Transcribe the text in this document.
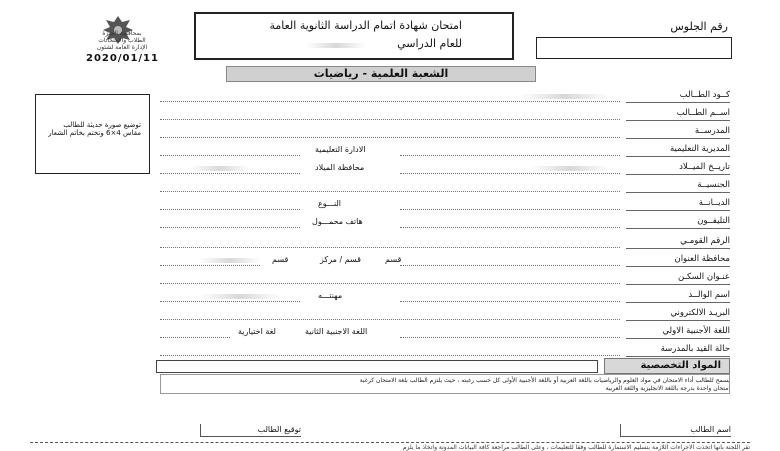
الإدارة العامة لشئون
الطلاب والامتحانات
بمحافظة الجيزة
2020/01/11
امتحان شهادة اتمام الدراسة الثانوية العامة
للعام الدراسي
رقم الجلوس
الشعبة العلمية - رياضيات
توضيع صورة حديثة للطالب مقاس 4×6 وتختم بخاتم الشعار
كــود الطــالب
اســم الطــالب
المدرســة
المديرية التعليمية
تاريــخ الميــلاد
الجنسيــة
الديــانــة
التليفــون
الرقم القومـي
محافظة العنوان
عنـوان السكـن
اسم الوالــد
البريـد الالكتروني
اللغة الأجنبية الاولي
حالة القيد بالمدرسة
الادارة التعليمية
محافظة الميلاد
النـــوع
هاتف محمـــول
قسم / مركز	قسم
قسم
مهنتـــه
اللغة الاجنبية الثانية
لغة اختيارية
المواد التخصصية
يسمح للطالب أداء الامتحان في مواد العلوم والرياضيات باللغة العربية أو باللغة الأجنبية الأولى كل حسب رغبته ، حيث يلتزم الطالب بلغة الامتحان كرغبة
امتحان واحدة بدرجة باللغة الانجليزية واللغة العربية
توقيع الطالب	اسم الطالب
تقر اللجنة بأنها اتخذت الاجراءات اللازمة بتسليم الاستمارة للطالب وفقا للتعليمات ، وعلى الطالب مراجعة كافة البيانات المدونة واتخاذ ما يلزم
